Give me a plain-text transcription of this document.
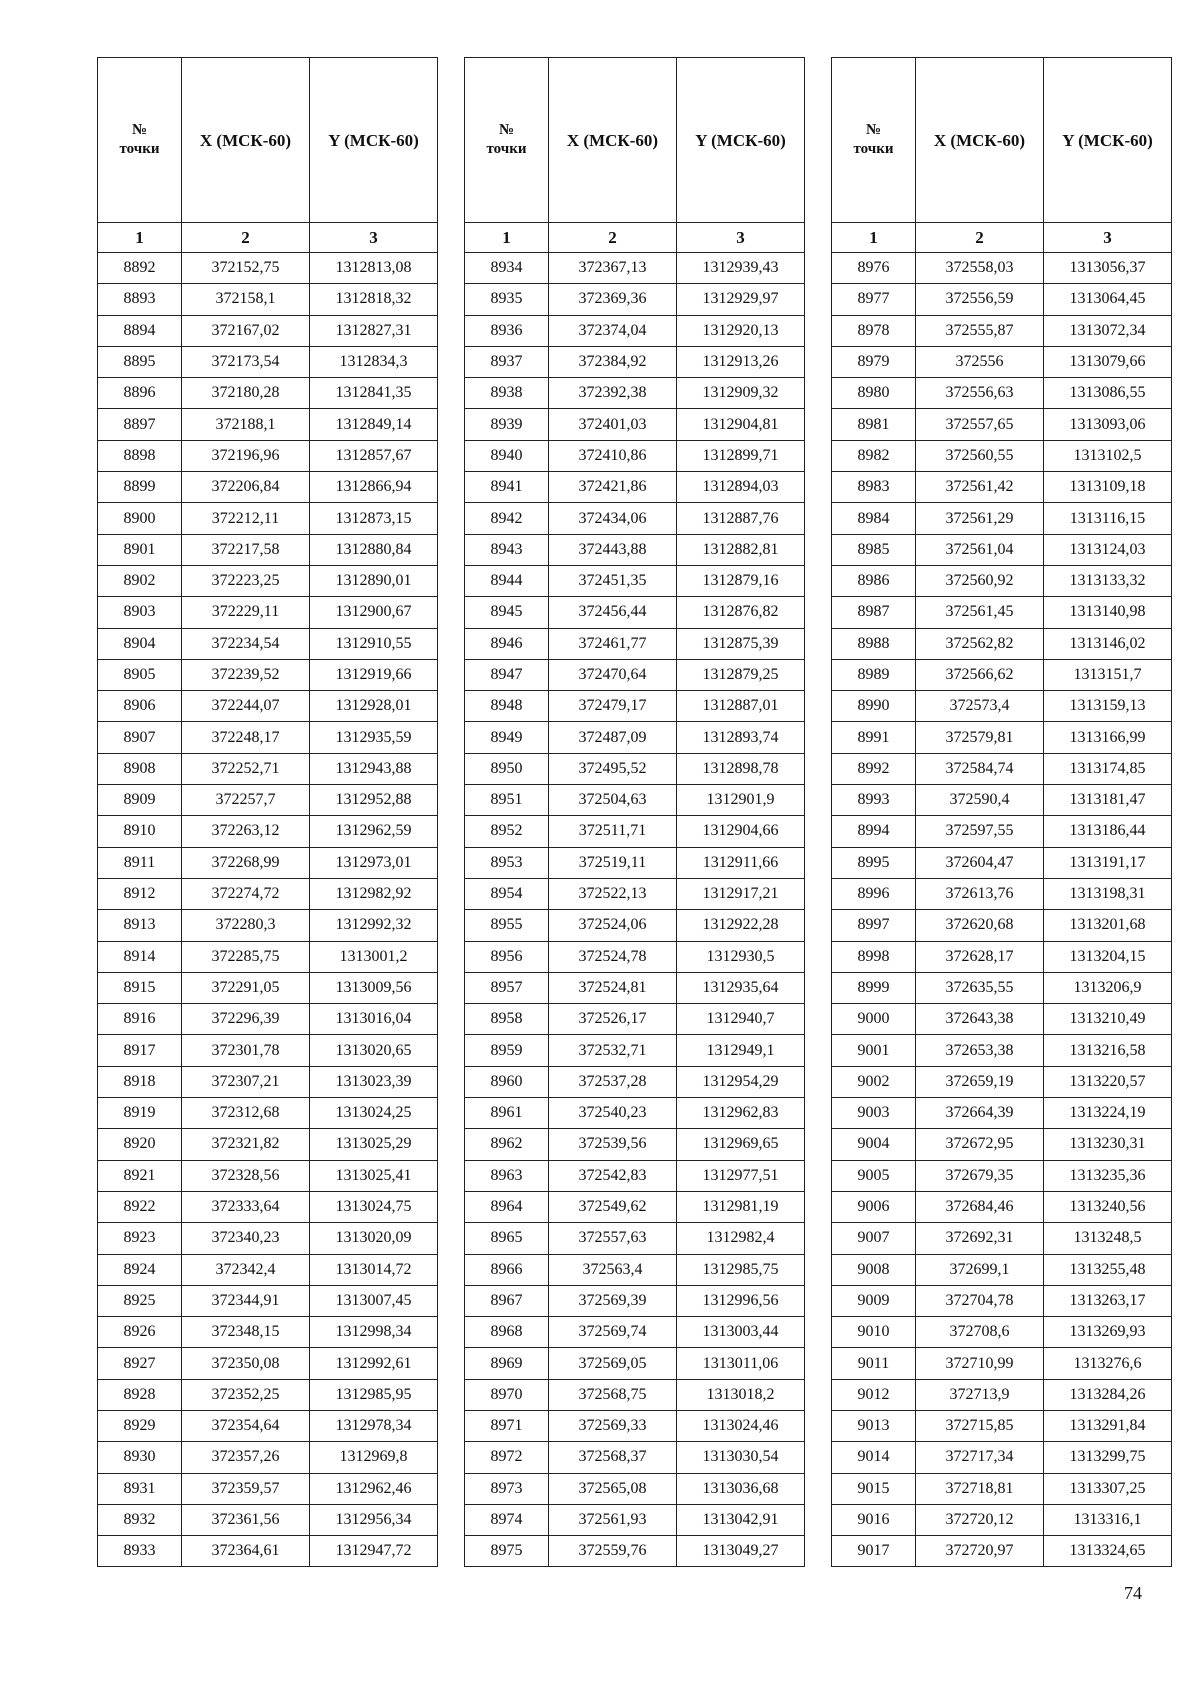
№
точки	X (МСК-60)	Y (МСК-60)
1	2	3
8892	372152,75	1312813,08
8893	372158,1	1312818,32
8894	372167,02	1312827,31
8895	372173,54	1312834,3
8896	372180,28	1312841,35
8897	372188,1	1312849,14
8898	372196,96	1312857,67
8899	372206,84	1312866,94
8900	372212,11	1312873,15
8901	372217,58	1312880,84
8902	372223,25	1312890,01
8903	372229,11	1312900,67
8904	372234,54	1312910,55
8905	372239,52	1312919,66
8906	372244,07	1312928,01
8907	372248,17	1312935,59
8908	372252,71	1312943,88
8909	372257,7	1312952,88
8910	372263,12	1312962,59
8911	372268,99	1312973,01
8912	372274,72	1312982,92
8913	372280,3	1312992,32
8914	372285,75	1313001,2
8915	372291,05	1313009,56
8916	372296,39	1313016,04
8917	372301,78	1313020,65
8918	372307,21	1313023,39
8919	372312,68	1313024,25
8920	372321,82	1313025,29
8921	372328,56	1313025,41
8922	372333,64	1313024,75
8923	372340,23	1313020,09
8924	372342,4	1313014,72
8925	372344,91	1313007,45
8926	372348,15	1312998,34
8927	372350,08	1312992,61
8928	372352,25	1312985,95
8929	372354,64	1312978,34
8930	372357,26	1312969,8
8931	372359,57	1312962,46
8932	372361,56	1312956,34
8933	372364,61	1312947,72
№
точки	X (МСК-60)	Y (МСК-60)
1	2	3
8934	372367,13	1312939,43
8935	372369,36	1312929,97
8936	372374,04	1312920,13
8937	372384,92	1312913,26
8938	372392,38	1312909,32
8939	372401,03	1312904,81
8940	372410,86	1312899,71
8941	372421,86	1312894,03
8942	372434,06	1312887,76
8943	372443,88	1312882,81
8944	372451,35	1312879,16
8945	372456,44	1312876,82
8946	372461,77	1312875,39
8947	372470,64	1312879,25
8948	372479,17	1312887,01
8949	372487,09	1312893,74
8950	372495,52	1312898,78
8951	372504,63	1312901,9
8952	372511,71	1312904,66
8953	372519,11	1312911,66
8954	372522,13	1312917,21
8955	372524,06	1312922,28
8956	372524,78	1312930,5
8957	372524,81	1312935,64
8958	372526,17	1312940,7
8959	372532,71	1312949,1
8960	372537,28	1312954,29
8961	372540,23	1312962,83
8962	372539,56	1312969,65
8963	372542,83	1312977,51
8964	372549,62	1312981,19
8965	372557,63	1312982,4
8966	372563,4	1312985,75
8967	372569,39	1312996,56
8968	372569,74	1313003,44
8969	372569,05	1313011,06
8970	372568,75	1313018,2
8971	372569,33	1313024,46
8972	372568,37	1313030,54
8973	372565,08	1313036,68
8974	372561,93	1313042,91
8975	372559,76	1313049,27
№
точки	X (МСК-60)	Y (МСК-60)
1	2	3
8976	372558,03	1313056,37
8977	372556,59	1313064,45
8978	372555,87	1313072,34
8979	372556	1313079,66
8980	372556,63	1313086,55
8981	372557,65	1313093,06
8982	372560,55	1313102,5
8983	372561,42	1313109,18
8984	372561,29	1313116,15
8985	372561,04	1313124,03
8986	372560,92	1313133,32
8987	372561,45	1313140,98
8988	372562,82	1313146,02
8989	372566,62	1313151,7
8990	372573,4	1313159,13
8991	372579,81	1313166,99
8992	372584,74	1313174,85
8993	372590,4	1313181,47
8994	372597,55	1313186,44
8995	372604,47	1313191,17
8996	372613,76	1313198,31
8997	372620,68	1313201,68
8998	372628,17	1313204,15
8999	372635,55	1313206,9
9000	372643,38	1313210,49
9001	372653,38	1313216,58
9002	372659,19	1313220,57
9003	372664,39	1313224,19
9004	372672,95	1313230,31
9005	372679,35	1313235,36
9006	372684,46	1313240,56
9007	372692,31	1313248,5
9008	372699,1	1313255,48
9009	372704,78	1313263,17
9010	372708,6	1313269,93
9011	372710,99	1313276,6
9012	372713,9	1313284,26
9013	372715,85	1313291,84
9014	372717,34	1313299,75
9015	372718,81	1313307,25
9016	372720,12	1313316,1
9017	372720,97	1313324,65
74
